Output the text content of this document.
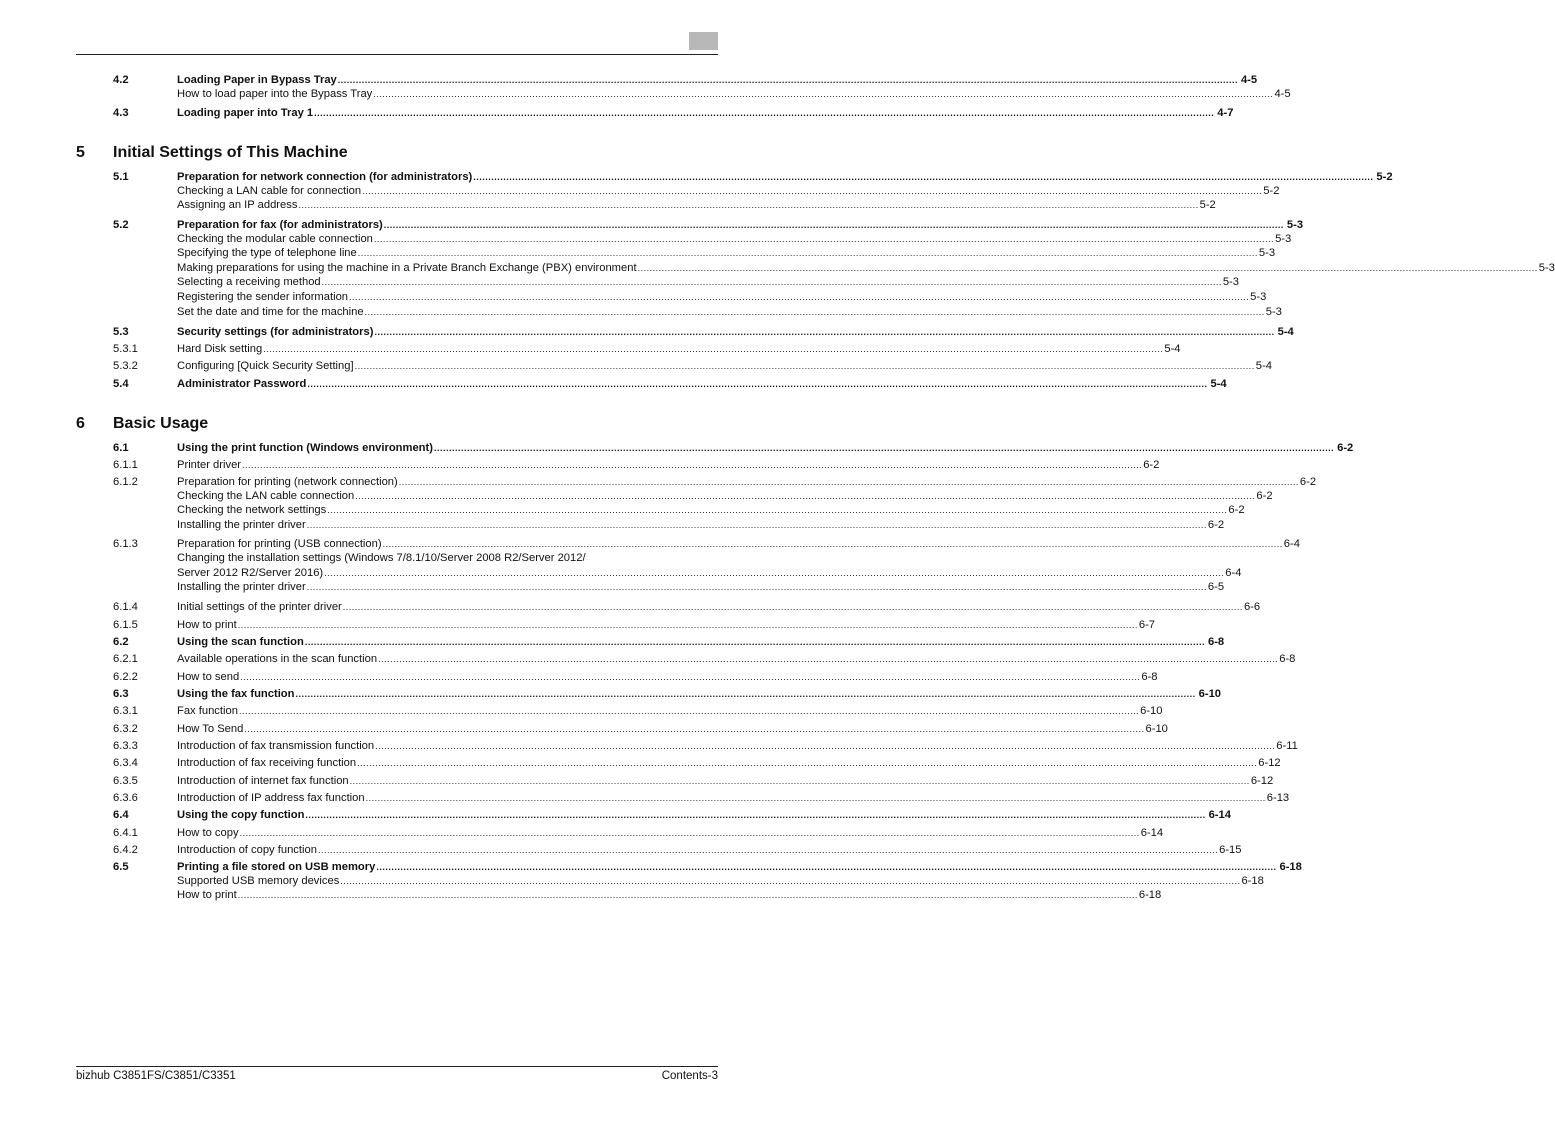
5 Initial Settings of This Machine
6 Basic Usage
4.2	Loading Paper in Bypass Tray ............................................................................................................................................................................................................................................................................................................ 4-5
How to load paper into the Bypass Tray ............................................................................................................................................................................................................................................................................................................ 4-5
4.3	Loading paper into Tray 1 ............................................................................................................................................................................................................................................................................................................ 4-7
5.1	Preparation for network connection (for administrators) ............................................................................................................................................................................................................................................................................................................ 5-2
Checking a LAN cable for connection ............................................................................................................................................................................................................................................................................................................ 5-2
Assigning an IP address ............................................................................................................................................................................................................................................................................................................ 5-2
5.2	Preparation for fax (for administrators) ............................................................................................................................................................................................................................................................................................................ 5-3
Checking the modular cable connection ............................................................................................................................................................................................................................................................................................................ 5-3
Specifying the type of telephone line ............................................................................................................................................................................................................................................................................................................ 5-3
Making preparations for using the machine in a Private Branch Exchange (PBX) environment ............................................................................................................................................................................................................................................................................................................ 5-3
Selecting a receiving method ............................................................................................................................................................................................................................................................................................................ 5-3
Registering the sender information ............................................................................................................................................................................................................................................................................................................ 5-3
Set the date and time for the machine ............................................................................................................................................................................................................................................................................................................ 5-3
5.3	Security settings (for administrators) ............................................................................................................................................................................................................................................................................................................ 5-4
5.3.1	Hard Disk setting ............................................................................................................................................................................................................................................................................................................ 5-4
5.3.2	Configuring [Quick Security Setting] ............................................................................................................................................................................................................................................................................................................ 5-4
5.4	Administrator Password ............................................................................................................................................................................................................................................................................................................ 5-4
6.1	Using the print function (Windows environment) ............................................................................................................................................................................................................................................................................................................ 6-2
6.1.1	Printer driver ............................................................................................................................................................................................................................................................................................................ 6-2
6.1.2	Preparation for printing (network connection) ............................................................................................................................................................................................................................................................................................................ 6-2
Checking the LAN cable connection ............................................................................................................................................................................................................................................................................................................ 6-2
Checking the network settings ............................................................................................................................................................................................................................................................................................................ 6-2
Installing the printer driver ............................................................................................................................................................................................................................................................................................................ 6-2
6.1.3	Preparation for printing (USB connection) ............................................................................................................................................................................................................................................................................................................ 6-4
Changing the installation settings (Windows 7/8.1/10/Server 2008 R2/Server 2012/
Server 2012 R2/Server 2016) ............................................................................................................................................................................................................................................................................................................ 6-4
Installing the printer driver ............................................................................................................................................................................................................................................................................................................ 6-5
6.1.4	Initial settings of the printer driver ............................................................................................................................................................................................................................................................................................................ 6-6
6.1.5	How to print ............................................................................................................................................................................................................................................................................................................ 6-7
6.2	Using the scan function ............................................................................................................................................................................................................................................................................................................ 6-8
6.2.1	Available operations in the scan function ............................................................................................................................................................................................................................................................................................................ 6-8
6.2.2	How to send ............................................................................................................................................................................................................................................................................................................ 6-8
6.3	Using the fax function ............................................................................................................................................................................................................................................................................................................ 6-10
6.3.1	Fax function ............................................................................................................................................................................................................................................................................................................ 6-10
6.3.2	How To Send ............................................................................................................................................................................................................................................................................................................ 6-10
6.3.3	Introduction of fax transmission function ............................................................................................................................................................................................................................................................................................................ 6-11
6.3.4	Introduction of fax receiving function ............................................................................................................................................................................................................................................................................................................ 6-12
6.3.5	Introduction of internet fax function ............................................................................................................................................................................................................................................................................................................ 6-12
6.3.6	Introduction of IP address fax function ............................................................................................................................................................................................................................................................................................................ 6-13
6.4	Using the copy function ............................................................................................................................................................................................................................................................................................................ 6-14
6.4.1	How to copy ............................................................................................................................................................................................................................................................................................................ 6-14
6.4.2	Introduction of copy function ............................................................................................................................................................................................................................................................................................................ 6-15
6.5	Printing a file stored on USB memory ............................................................................................................................................................................................................................................................................................................ 6-18
Supported USB memory devices ............................................................................................................................................................................................................................................................................................................ 6-18
How to print ............................................................................................................................................................................................................................................................................................................ 6-18
bizhub C3851FS/C3851/C3351	Contents-3
